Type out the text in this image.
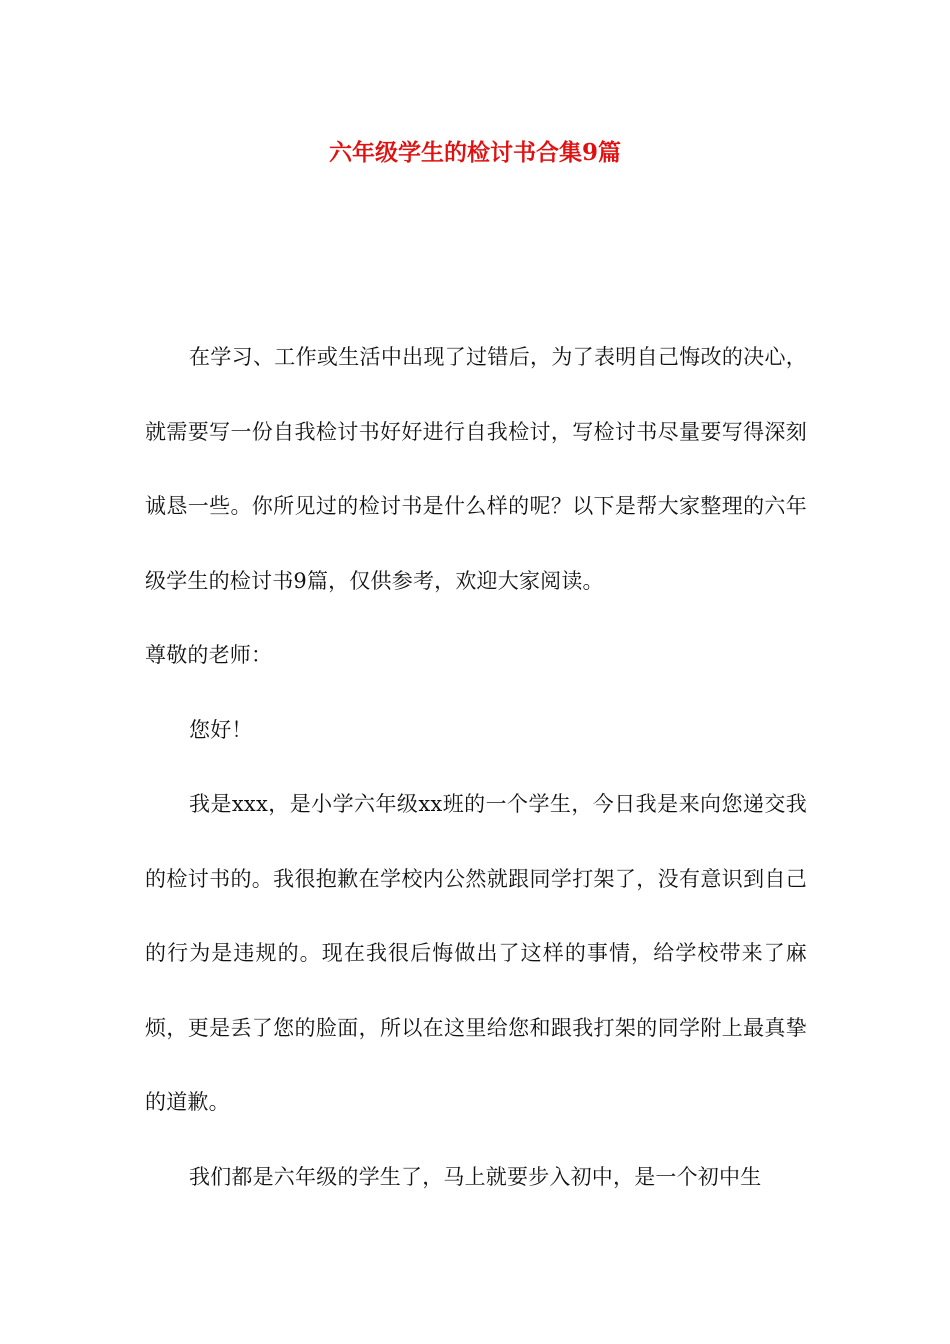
六年级学生的检讨书合集9篇

在学习、工作或生活中出现了过错后，为了表明自己悔改的决心，就需要写一份自我检讨书好好进行自我检讨，写检讨书尽量要写得深刻诚恳一些。你所见过的检讨书是什么样的呢？以下是帮大家整理的六年级学生的检讨书9篇，仅供参考，欢迎大家阅读。

尊敬的老师：

您好！

我是xxx，是小学六年级xx班的一个学生，今日我是来向您递交我的检讨书的。我很抱歉在学校内公然就跟同学打架了，没有意识到自己的行为是违规的。现在我很后悔做出了这样的事情，给学校带来了麻烦，更是丢了您的脸面，所以在这里给您和跟我打架的同学附上最真挚的道歉。

我们都是六年级的学生了，马上就要步入初中，是一个初中生
